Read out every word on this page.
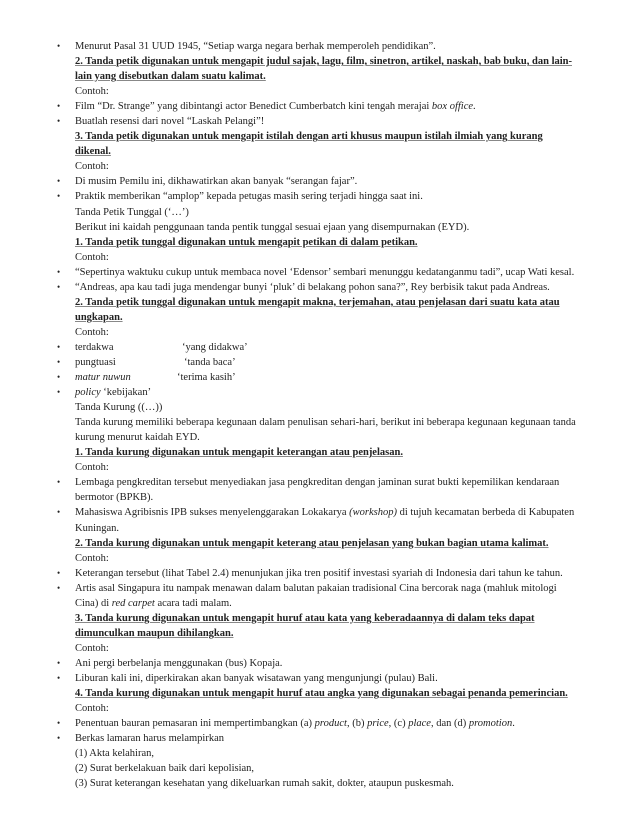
• Menurut Pasal 31 UUD 1945, “Setiap warga negara berhak memperoleh pendidikan”.

2. Tanda petik digunakan untuk mengapit judul sajak, lagu, film, sinetron, artikel, naskah, bab buku, dan lain-lain yang disebutkan dalam suatu kalimat.

Contoh:

• Film “Dr. Strange” yang dibintangi actor Benedict Cumberbatch kini tengah merajai box office.

• Buatlah resensi dari novel “Laskah Pelangi”!

3. Tanda petik digunakan untuk mengapit istilah dengan arti khusus maupun istilah ilmiah yang kurang dikenal.

Contoh:

• Di musim Pemilu ini, dikhawatirkan akan banyak “serangan fajar”.

• Praktik memberikan “amplop” kepada petugas masih sering terjadi hingga saat ini.

Tanda Petik Tunggal (‘…’)

Berikut ini kaidah penggunaan tanda pentik tunggal sesuai ejaan yang disempurnakan (EYD).

1. Tanda petik tunggal digunakan untuk mengapit petikan di dalam petikan.

Contoh:

• “Sepertinya waktuku cukup untuk membaca novel ‘Edensor’ sembari menunggu kedatanganmu tadi”, ucap Wati kesal.

• “Andreas, apa kau tadi juga mendengar bunyi ‘pluk’ di belakang pohon sana?”, Rey berbisik takut pada Andreas.

2. Tanda petik tunggal digunakan untuk mengapit makna, terjemahan, atau penjelasan dari suatu kata atau ungkapan.

Contoh:

• terdakwa	‘yang didakwa’

• pungtuasi	‘tanda baca’

• matur nuwun	‘terima kasih’

• policy ‘kebijakan’

Tanda Kurung ((…))

Tanda kurung memiliki beberapa kegunaan dalam penulisan sehari-hari, berikut ini beberapa kegunaan kegunaan tanda kurung menurut kaidah EYD.

1. Tanda kurung digunakan untuk mengapit keterangan atau penjelasan.

Contoh:

• Lembaga pengkreditan tersebut menyediakan jasa pengkreditan dengan jaminan surat bukti kepemilikan kendaraan bermotor (BPKB).

• Mahasiswa Agribisnis IPB sukses menyelenggarakan Lokakarya (workshop) di tujuh kecamatan berbeda di Kabupaten Kuningan.

2. Tanda kurung digunakan untuk mengapit keterang atau penjelasan yang bukan bagian utama kalimat.

Contoh:

• Keterangan tersebut (lihat Tabel 2.4) menunjukan jika tren positif investasi syariah di Indonesia dari tahun ke tahun.

• Artis asal Singapura itu nampak menawan dalam balutan pakaian tradisional Cina bercorak naga (mahluk mitologi Cina) di red carpet acara tadi malam.

3. Tanda kurung digunakan untuk mengapit huruf atau kata yang keberadaannya di dalam teks dapat dimunculkan maupun dihilangkan.

Contoh:

• Ani pergi berbelanja menggunakan (bus) Kopaja.

• Liburan kali ini, diperkirakan akan banyak wisatawan yang mengunjungi (pulau) Bali.

4. Tanda kurung digunakan untuk mengapit huruf atau angka yang digunakan sebagai penanda pemerincian.

Contoh:

• Penentuan bauran pemasaran ini mempertimbangkan (a) product, (b) price, (c) place, dan (d) promotion.

• Berkas lamaran harus melampirkan

(1) Akta kelahiran,

(2) Surat berkelakuan baik dari kepolisian,

(3) Surat keterangan kesehatan yang dikeluarkan rumah sakit, dokter, ataupun puskesmah.
